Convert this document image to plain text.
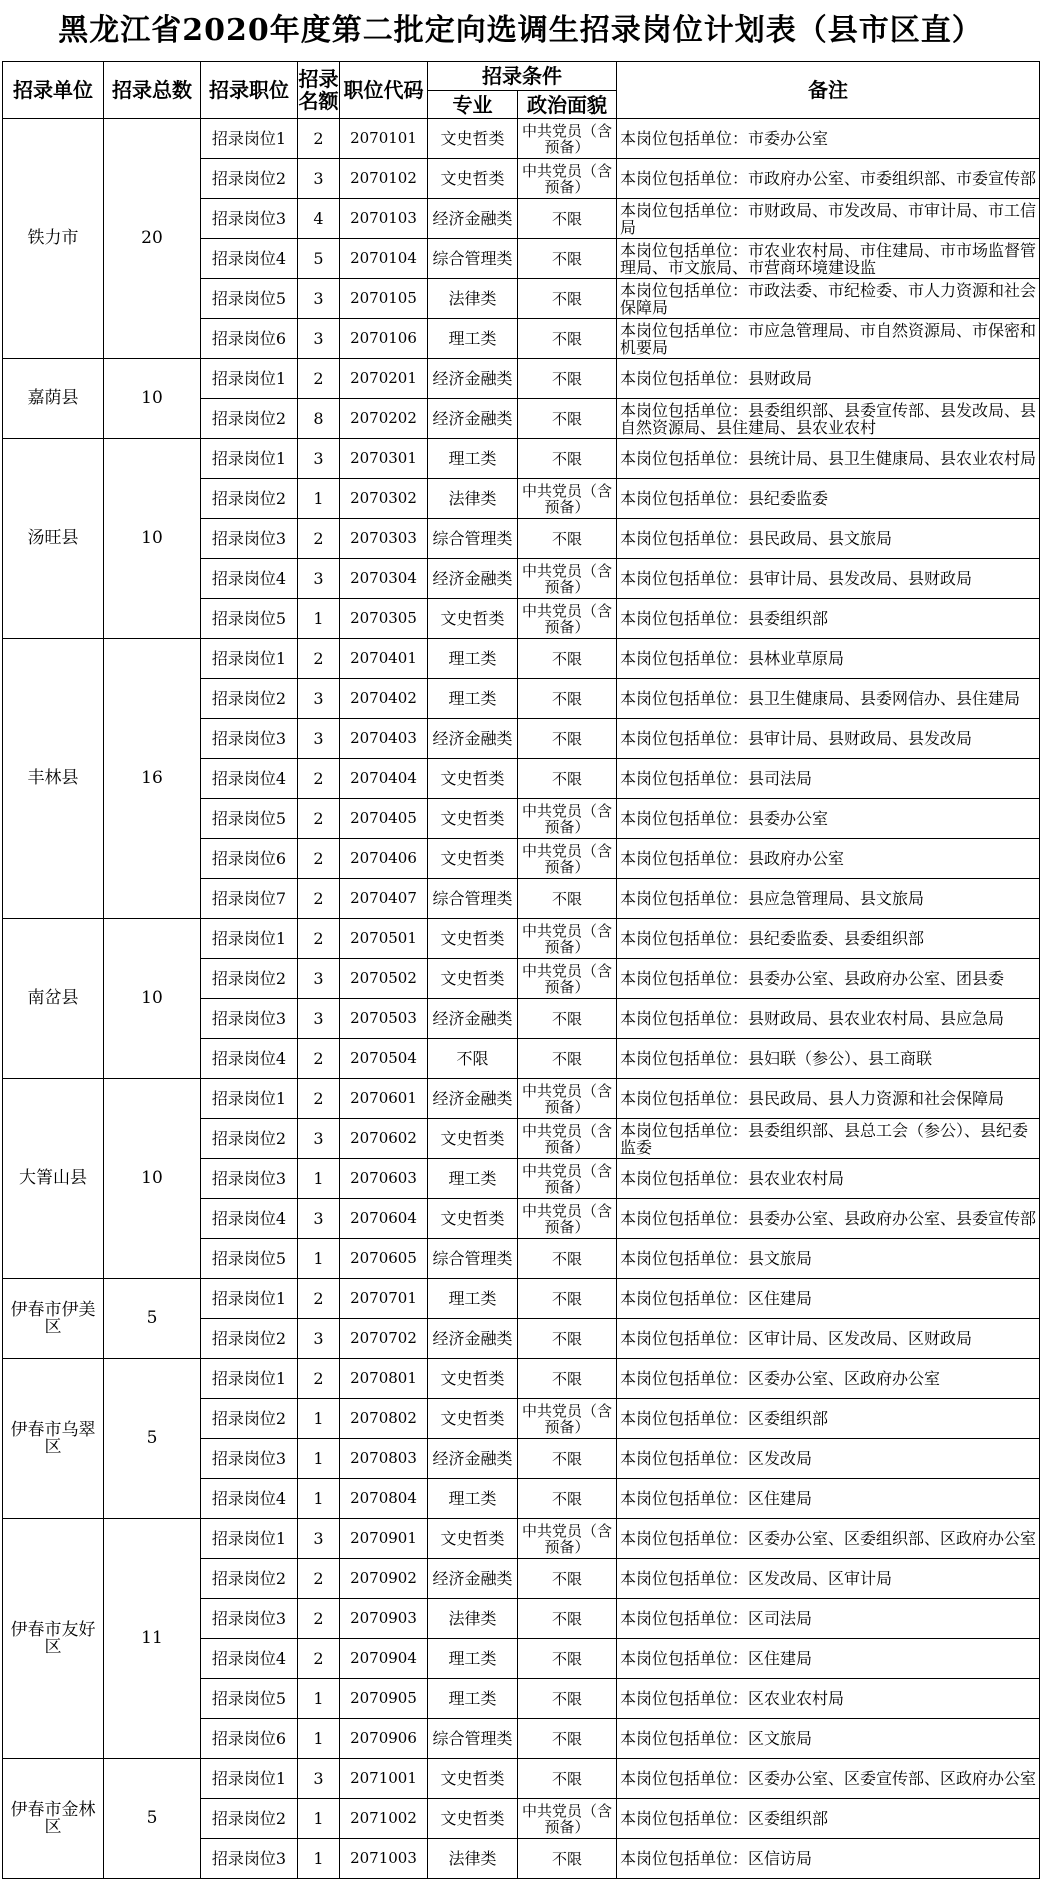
黑龙江省2020年度第二批定向选调生招录岗位计划表（县市区直）
招录单位	招录总数	招录职位	招录名额	职位代码	招录条件		备注
					专业	政治面貌	
铁力市	20	招录岗位1	2	2070101	文史哲类	中共党员（含预备）	本岗位包括单位：市委办公室
		招录岗位2	3	2070102	文史哲类	中共党员（含预备）	本岗位包括单位：市政府办公室、市委组织部、市委宣传部
		招录岗位3	4	2070103	经济金融类	不限	本岗位包括单位：市财政局、市发改局、市审计局、市工信局
		招录岗位4	5	2070104	综合管理类	不限	本岗位包括单位：市农业农村局、市住建局、市市场监督管理局、市文旅局、市营商环境建设监
		招录岗位5	3	2070105	法律类	不限	本岗位包括单位：市政法委、市纪检委、市人力资源和社会保障局
		招录岗位6	3	2070106	理工类	不限	本岗位包括单位：市应急管理局、市自然资源局、市保密和机要局
嘉荫县	10	招录岗位1	2	2070201	经济金融类	不限	本岗位包括单位：县财政局
		招录岗位2	8	2070202	经济金融类	不限	本岗位包括单位：县委组织部、县委宣传部、县发改局、县自然资源局、县住建局、县农业农村
汤旺县	10	招录岗位1	3	2070301	理工类	不限	本岗位包括单位：县统计局、县卫生健康局、县农业农村局
		招录岗位2	1	2070302	法律类	中共党员（含预备）	本岗位包括单位：县纪委监委
		招录岗位3	2	2070303	综合管理类	不限	本岗位包括单位：县民政局、县文旅局
		招录岗位4	3	2070304	经济金融类	中共党员（含预备）	本岗位包括单位：县审计局、县发改局、县财政局
		招录岗位5	1	2070305	文史哲类	中共党员（含预备）	本岗位包括单位：县委组织部
丰林县	16	招录岗位1	2	2070401	理工类	不限	本岗位包括单位：县林业草原局
		招录岗位2	3	2070402	理工类	不限	本岗位包括单位：县卫生健康局、县委网信办、县住建局
		招录岗位3	3	2070403	经济金融类	不限	本岗位包括单位：县审计局、县财政局、县发改局
		招录岗位4	2	2070404	文史哲类	不限	本岗位包括单位：县司法局
		招录岗位5	2	2070405	文史哲类	中共党员（含预备）	本岗位包括单位：县委办公室
		招录岗位6	2	2070406	文史哲类	中共党员（含预备）	本岗位包括单位：县政府办公室
		招录岗位7	2	2070407	综合管理类	不限	本岗位包括单位：县应急管理局、县文旅局
南岔县	10	招录岗位1	2	2070501	文史哲类	中共党员（含预备）	本岗位包括单位：县纪委监委、县委组织部
		招录岗位2	3	2070502	文史哲类	中共党员（含预备）	本岗位包括单位：县委办公室、县政府办公室、团县委
		招录岗位3	3	2070503	经济金融类	不限	本岗位包括单位：县财政局、县农业农村局、县应急局
		招录岗位4	2	2070504	不限	不限	本岗位包括单位：县妇联（参公）、县工商联
大箐山县	10	招录岗位1	2	2070601	经济金融类	中共党员（含预备）	本岗位包括单位：县民政局、县人力资源和社会保障局
		招录岗位2	3	2070602	文史哲类	中共党员（含预备）	本岗位包括单位：县委组织部、县总工会（参公）、县纪委监委
		招录岗位3	1	2070603	理工类	中共党员（含预备）	本岗位包括单位：县农业农村局
		招录岗位4	3	2070604	文史哲类	中共党员（含预备）	本岗位包括单位：县委办公室、县政府办公室、县委宣传部
		招录岗位5	1	2070605	综合管理类	不限	本岗位包括单位：县文旅局
伊春市伊美区	5	招录岗位1	2	2070701	理工类	不限	本岗位包括单位：区住建局
		招录岗位2	3	2070702	经济金融类	不限	本岗位包括单位：区审计局、区发改局、区财政局
伊春市乌翠区	5	招录岗位1	2	2070801	文史哲类	不限	本岗位包括单位：区委办公室、区政府办公室
		招录岗位2	1	2070802	文史哲类	中共党员（含预备）	本岗位包括单位：区委组织部
		招录岗位3	1	2070803	经济金融类	不限	本岗位包括单位：区发改局
		招录岗位4	1	2070804	理工类	不限	本岗位包括单位：区住建局
伊春市友好区	11	招录岗位1	3	2070901	文史哲类	中共党员（含预备）	本岗位包括单位：区委办公室、区委组织部、区政府办公室
		招录岗位2	2	2070902	经济金融类	不限	本岗位包括单位：区发改局、区审计局
		招录岗位3	2	2070903	法律类	不限	本岗位包括单位：区司法局
		招录岗位4	2	2070904	理工类	不限	本岗位包括单位：区住建局
		招录岗位5	1	2070905	理工类	不限	本岗位包括单位：区农业农村局
		招录岗位6	1	2070906	综合管理类	不限	本岗位包括单位：区文旅局
伊春市金林区	5	招录岗位1	3	2071001	文史哲类	不限	本岗位包括单位：区委办公室、区委宣传部、区政府办公室
		招录岗位2	1	2071002	文史哲类	中共党员（含预备）	本岗位包括单位：区委组织部
		招录岗位3	1	2071003	法律类	不限	本岗位包括单位：区信访局
